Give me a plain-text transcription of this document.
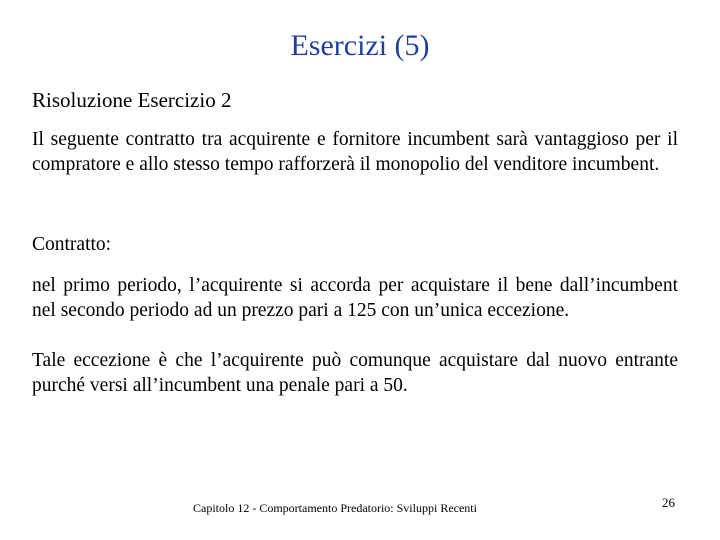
Esercizi (5)
Risoluzione Esercizio 2
Il seguente contratto tra acquirente e fornitore incumbent sarà vantaggioso per il compratore e allo stesso tempo rafforzerà il monopolio del venditore incumbent.
Contratto:
nel primo periodo, l’acquirente si accorda per acquistare il bene dall’incumbent nel secondo periodo ad un prezzo pari a 125 con un’unica eccezione.
Tale eccezione è che l’acquirente può comunque acquistare dal nuovo entrante purché versi all’incumbent una penale pari a 50.
Capitolo 12 - Comportamento Predatorio: Sviluppi Recenti	26
